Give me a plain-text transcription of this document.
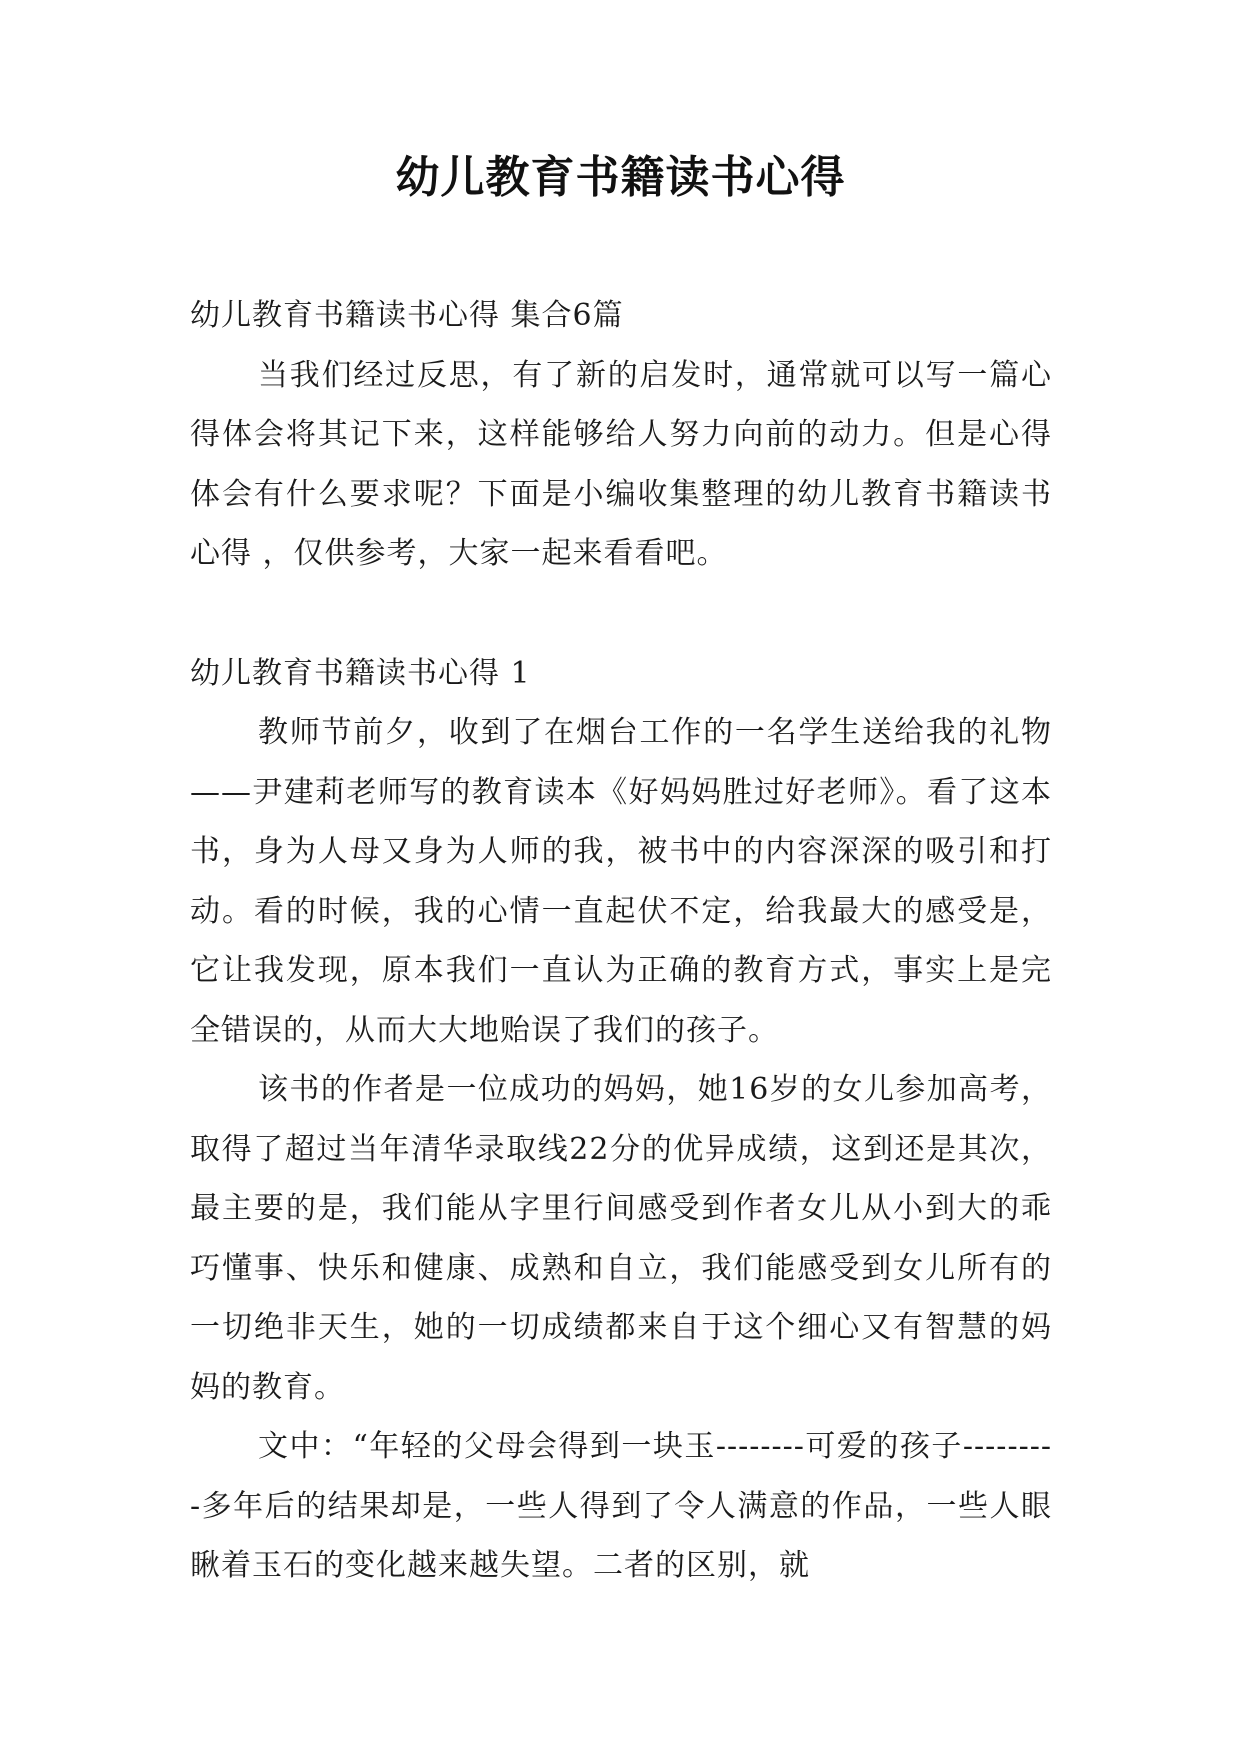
幼儿教育书籍读书心得

幼儿教育书籍读书心得 集合6篇

当我们经过反思，有了新的启发时，通常就可以写一篇心得体会将其记下来，这样能够给人努力向前的动力。但是心得体会有什么要求呢？下面是小编收集整理的幼儿教育书籍读书心得 ，仅供参考，大家一起来看看吧。

幼儿教育书籍读书心得 1

教师节前夕，收到了在烟台工作的一名学生送给我的礼物——尹建莉老师写的教育读本《好妈妈胜过好老师》。看了这本书，身为人母又身为人师的我，被书中的内容深深的吸引和打动。看的时候，我的心情一直起伏不定，给我最大的感受是，它让我发现，原本我们一直认为正确的教育方式，事实上是完全错误的，从而大大地贻误了我们的孩子。

该书的作者是一位成功的妈妈，她16岁的女儿参加高考，取得了超过当年清华录取线22分的优异成绩，这到还是其次，最主要的是，我们能从字里行间感受到作者女儿从小到大的乖巧懂事、快乐和健康、成熟和自立，我们能感受到女儿所有的一切绝非天生，她的一切成绩都来自于这个细心又有智慧的妈妈的教育。

文中：“年轻的父母会得到一块玉--------可爱的孩子---------多年后的结果却是，一些人得到了令人满意的作品，一些人眼瞅着玉石的变化越来越失望。二者的区别，就
